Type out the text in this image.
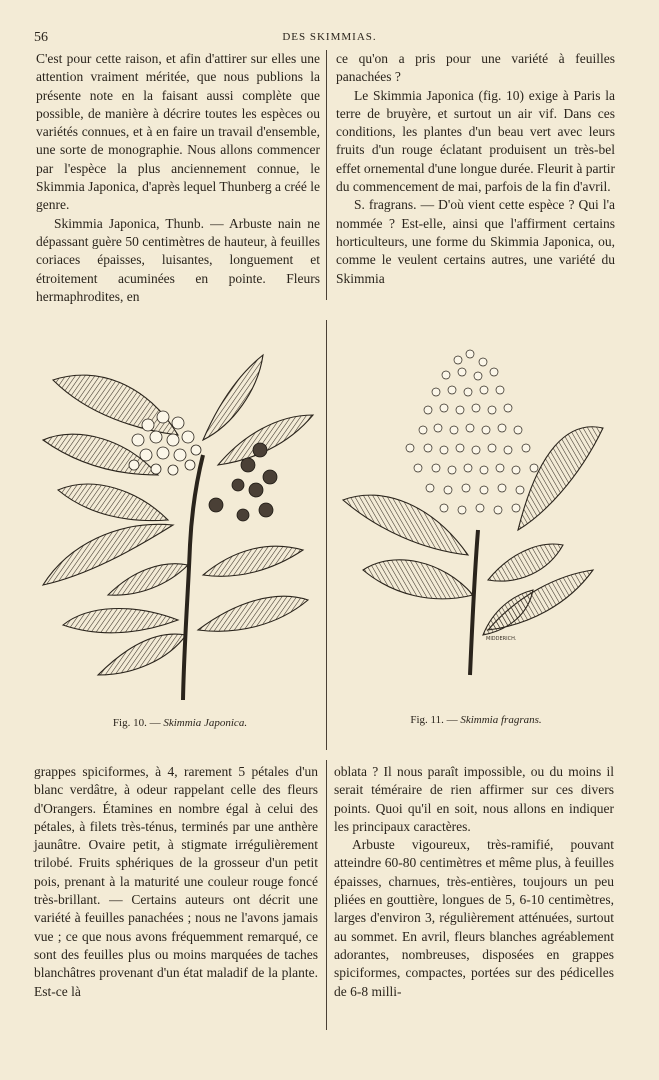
56	DES SKIMMIAS.

C'est pour cette raison, et afin d'attirer sur elles une attention vraiment méritée, que nous publions la présente note en la faisant aussi complète que possible, de manière à décrire toutes les espèces ou variétés connues, et à en faire un travail d'ensemble, une sorte de monographie. Nous allons commencer par l'espèce la plus anciennement connue, le Skimmia Japonica, d'après lequel Thunberg a créé le genre.

Skimmia Japonica, Thunb. — Arbuste nain ne dépassant guère 50 centimètres de hauteur, à feuilles coriaces épaisses, luisantes, longuement et étroitement acuminées en pointe. Fleurs hermaphrodites, en

ce qu'on a pris pour une variété à feuilles panachées ?

Le Skimmia Japonica (fig. 10) exige à Paris la terre de bruyère, et surtout un air vif. Dans ces conditions, les plantes d'un beau vert avec leurs fruits d'un rouge éclatant produisent un très-bel effet ornemental d'une longue durée. Fleurit à partir du commencement de mai, parfois de la fin d'avril.

S. fragrans. — D'où vient cette espèce ? Qui l'a nommée ? Est-elle, ainsi que l'affirment certains horticulteurs, une forme du Skimmia Japonica, ou, comme le veulent certains autres, une variété du Skimmia

Fig. 10. — Skimmia Japonica.
MIDDERICH.
Fig. 11. — Skimmia fragrans.

grappes spiciformes, à 4, rarement 5 pétales d'un blanc verdâtre, à odeur rappelant celle des fleurs d'Orangers. Étamines en nombre égal à celui des pétales, à filets très-ténus, terminés par une anthère jaunâtre. Ovaire petit, à stigmate irrégulièrement trilobé. Fruits sphériques de la grosseur d'un petit pois, prenant à la maturité une couleur rouge foncé très-brillant. — Certains auteurs ont décrit une variété à feuilles panachées ; nous ne l'avons jamais vue ; ce que nous avons fréquemment remarqué, ce sont des feuilles plus ou moins marquées de taches blanchâtres provenant d'un état maladif de la plante. Est-ce là

oblata ? Il nous paraît impossible, ou du moins il serait téméraire de rien affirmer sur ces divers points. Quoi qu'il en soit, nous allons en indiquer les principaux caractères.

Arbuste vigoureux, très-ramifié, pouvant atteindre 60-80 centimètres et même plus, à feuilles épaisses, charnues, très-entières, toujours un peu pliées en gouttière, longues de 5, 6-10 centimètres, larges d'environ 3, régulièrement atténuées, surtout au sommet. En avril, fleurs blanches agréablement adorantes, nombreuses, disposées en grappes spiciformes, compactes, portées sur des pédicelles de 6-8 milli-
